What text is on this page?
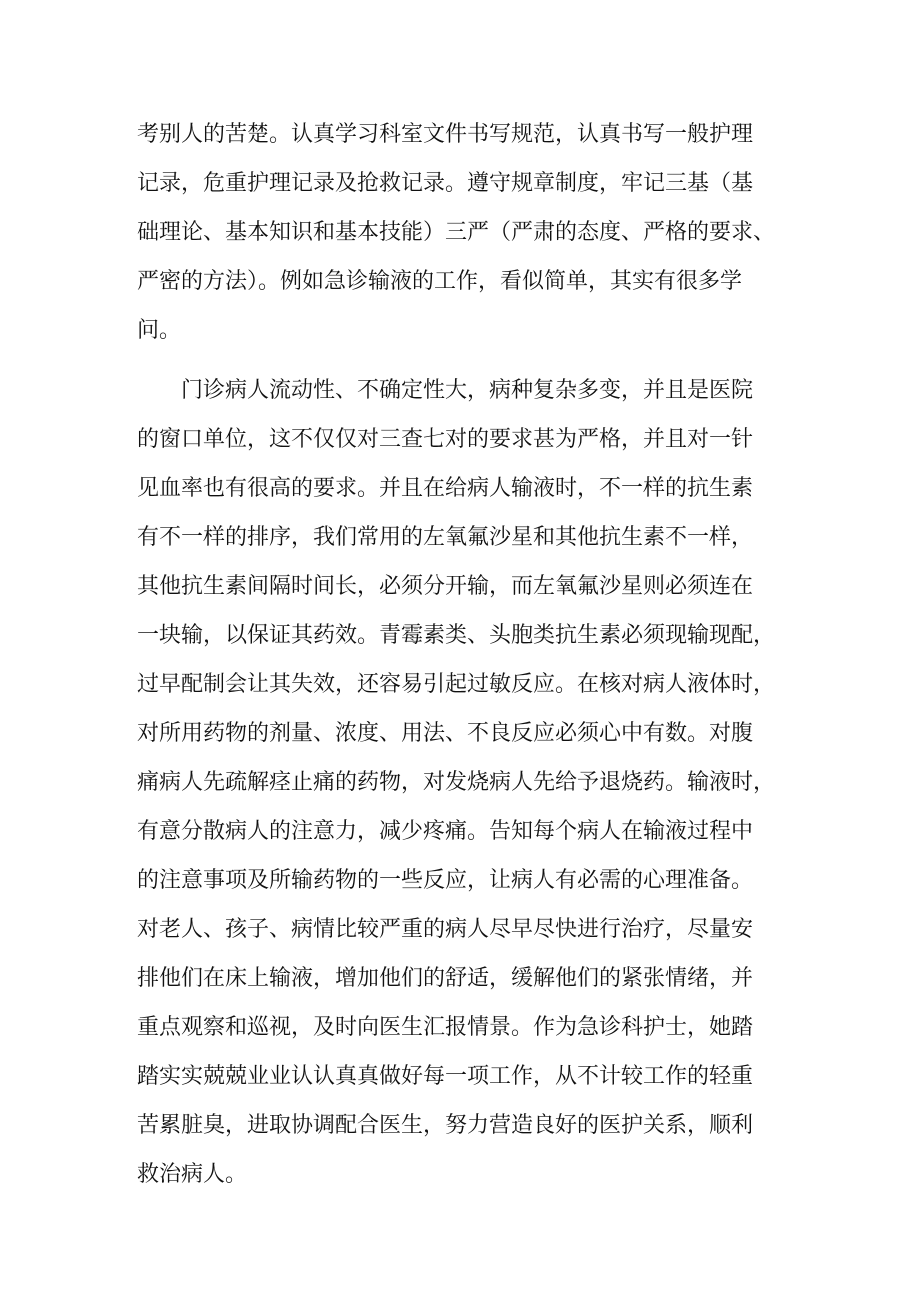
考别人的苦楚。认真学习科室文件书写规范，认真书写一般护理
记录，危重护理记录及抢救记录。遵守规章制度，牢记三基（基
础理论、基本知识和基本技能）三严（严肃的态度、严格的要求、
严密的方法）。例如急诊输液的工作，看似简单，其实有很多学
问。
　　门诊病人流动性、不确定性大，病种复杂多变，并且是医院
的窗口单位，这不仅仅对三查七对的要求甚为严格，并且对一针
见血率也有很高的要求。并且在给病人输液时，不一样的抗生素
有不一样的排序，我们常用的左氧氟沙星和其他抗生素不一样，
其他抗生素间隔时间长，必须分开输，而左氧氟沙星则必须连在
一块输，以保证其药效。青霉素类、头胞类抗生素必须现输现配，
过早配制会让其失效，还容易引起过敏反应。在核对病人液体时，
对所用药物的剂量、浓度、用法、不良反应必须心中有数。对腹
痛病人先疏解痉止痛的药物，对发烧病人先给予退烧药。输液时，
有意分散病人的注意力，减少疼痛。告知每个病人在输液过程中
的注意事项及所输药物的一些反应，让病人有必需的心理准备。
对老人、孩子、病情比较严重的病人尽早尽快进行治疗，尽量安
排他们在床上输液，增加他们的舒适，缓解他们的紧张情绪，并
重点观察和巡视，及时向医生汇报情景。作为急诊科护士，她踏
踏实实兢兢业业认认真真做好每一项工作，从不计较工作的轻重
苦累脏臭，进取协调配合医生，努力营造良好的医护关系，顺利
救治病人。
